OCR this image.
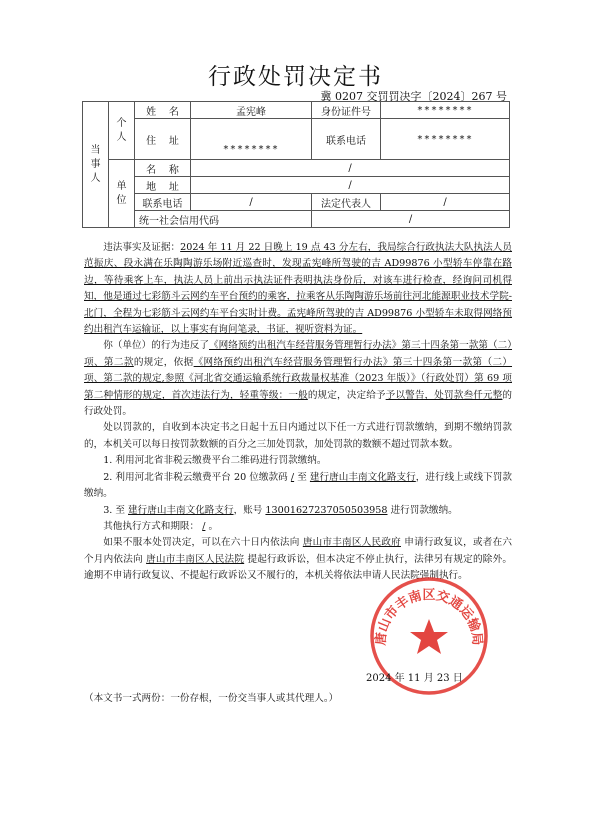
行政处罚决定书
冀 0207 交罚罚决字〔2024〕267 号
当事人	个人	姓    名	孟宪峰	身份证件号	********
		住    址	********	联系电话	********

	单位	名    称	/		
		地    址	/		
		联系电话	/	法定代表人	/
		统一社会信用代码		/	

违法事实及证据：2024 年 11 月 22 日晚上 19 点 43 分左右，我局综合行政执法大队执法人员范振庆、段永满在乐陶陶游乐场附近巡查时，发现孟宪峰所驾驶的吉 AD99876 小型轿车停靠在路边，等待乘客上车，执法人员上前出示执法证件表明执法身份后，对该车进行检查，经询问司机得知，他是通过七彩筋斗云网约车平台预约的乘客，拉乘客从乐陶陶游乐场前往河北能源职业技术学院-北门，全程为七彩筋斗云网约车平台实时计费。孟宪峰所驾驶的吉 AD99876 小型轿车未取得网络预约出租汽车运输证，以上事实有询问笔录，书证，视听资料为证。

你（单位）的行为违反了《网络预约出租汽车经营服务管理暂行办法》第三十四条第一款第（二）项、第二款的规定，依据《网络预约出租汽车经营服务管理暂行办法》第三十四条第一款第（二）项、第二款的规定,参照《河北省交通运输系统行政裁量权基准（2023 年版）》（行政处罚）第 69 项第二种情形的规定，首次违法行为，轻重等级：一般的规定，决定给予予以警告，处罚款叁仟元整的行政处罚。

处以罚款的，自收到本决定书之日起十五日内通过以下任一方式进行罚款缴纳，到期不缴纳罚款的，本机关可以每日按罚款数额的百分之三加处罚款，加处罚款的数额不超过罚款本数。

1. 利用河北省非税云缴费平台二维码进行罚款缴纳。

2. 利用河北省非税云缴费平台 20 位缴款码 / 至 建行唐山丰南文化路支行，进行线上或线下罚款缴纳。

3. 至 建行唐山丰南文化路支行，账号 13001627237050503958 进行罚款缴纳。

其他执行方式和期限： / 。

如果不服本处罚决定，可以在六十日内依法向 唐山市丰南区人民政府 申请行政复议，或者在六个月内依法向 唐山市丰南区人民法院 提起行政诉讼，但本决定不停止执行，法律另有规定的除外。逾期不申请行政复议、不提起行政诉讼又不履行的，本机关将依法申请人民法院强制执行。

唐山市丰南区交通运输局
2024 年 11 月 23 日
（本文书一式两份：一份存根，一份交当事人或其代理人。）
